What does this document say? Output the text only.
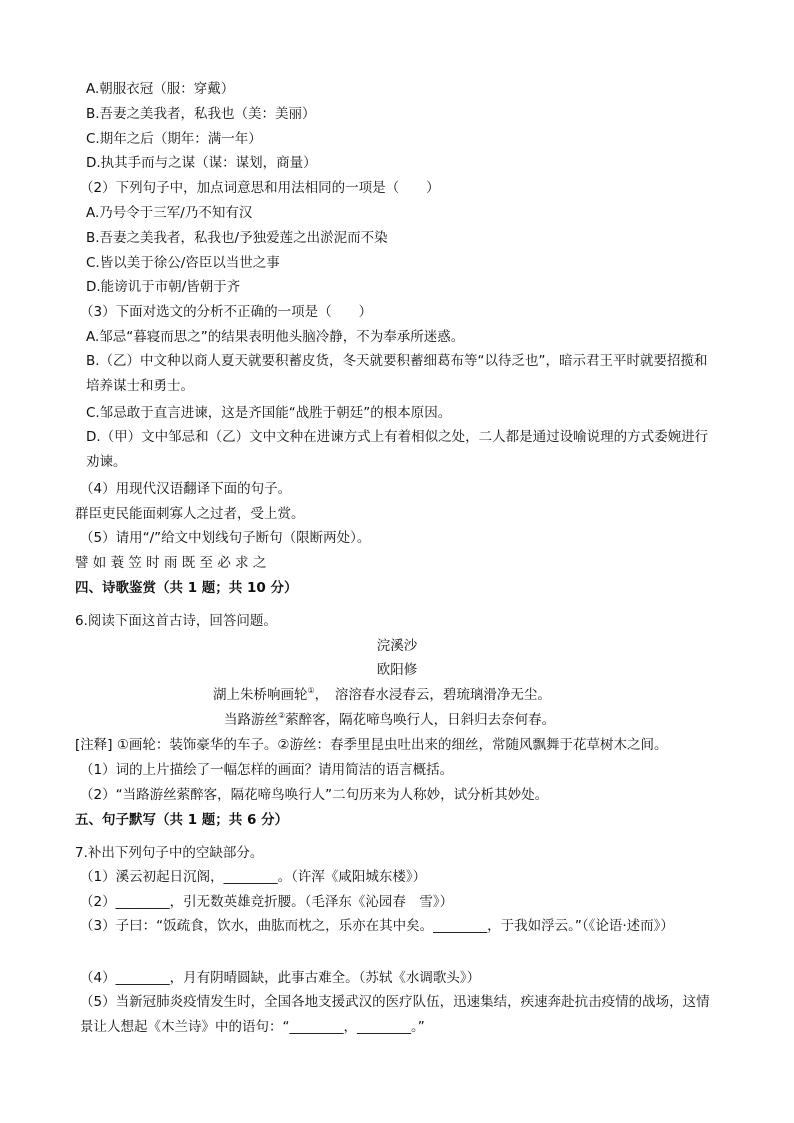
A.朝服衣冠（服：穿戴）
B.吾妻之美我者，私我也（美：美丽）
C.期年之后（期年：满一年）
D.执其手而与之谋（谋：谋划，商量）
（2）下列句子中，加点词意思和用法相同的一项是（　　）
A.乃号令于三军/乃不知有汉
B.吾妻之美我者，私我也/予独爱莲之出淤泥而不染
C.皆以美于徐公/咨臣以当世之事
D.能谤讥于市朝/皆朝于齐
（3）下面对选文的分析不正确的一项是（　　）
A.邹忌“暮寝而思之”的结果表明他头脑冷静，不为奉承所迷惑。
B.（乙）中文种以商人夏天就要积蓄皮货，冬天就要积蓄细葛布等“以待乏也”，暗示君王平时就要招揽和培养谋士和勇士。
C.邹忌敢于直言进谏，这是齐国能“战胜于朝廷”的根本原因。
D.（甲）文中邹忌和（乙）文中文种在进谏方式上有着相似之处，二人都是通过设喻说理的方式委婉进行劝谏。
（4）用现代汉语翻译下面的句子。
群臣吏民能面刺寡人之过者，受上赏。
（5）请用“/”给文中划线句子断句（限断两处）。
譬 如 蓑 笠 时 雨 既 至 必 求 之
四、诗歌鉴赏（共 1 题；共 10 分）
6.阅读下面这首古诗，回答问题。
浣溪沙
欧阳修
湖上朱桥响画轮①，　溶溶春水浸春云，碧琉璃滑净无尘。
当路游丝②萦醉客，隔花啼鸟唤行人，日斜归去奈何春。
[注释] ①画轮：装饰豪华的车子。②游丝：春季里昆虫吐出来的细丝，常随风飘舞于花草树木之间。
（1）词的上片描绘了一幅怎样的画面？请用简洁的语言概括。
（2）“当路游丝萦醉客，隔花啼鸟唤行人”二句历来为人称妙，试分析其妙处。
五、句子默写（共 1 题；共 6 分）
7.补出下列句子中的空缺部分。
（1）溪云初起日沉阁，________。（许浑《咸阳城东楼》）
（2）________，引无数英雄竞折腰。（毛泽东《沁园春　雪》）
（3）子曰：“饭疏食，饮水，曲肱而枕之，乐亦在其中矣。________，于我如浮云。”（《论语·述而》）
（4）________，月有阴晴圆缺，此事古难全。（苏轼《水调歌头》）
（5）当新冠肺炎疫情发生时，全国各地支援武汉的医疗队伍，迅速集结，疾速奔赴抗击疫情的战场，这情景让人想起《木兰诗》中的语句：“________，________。”
